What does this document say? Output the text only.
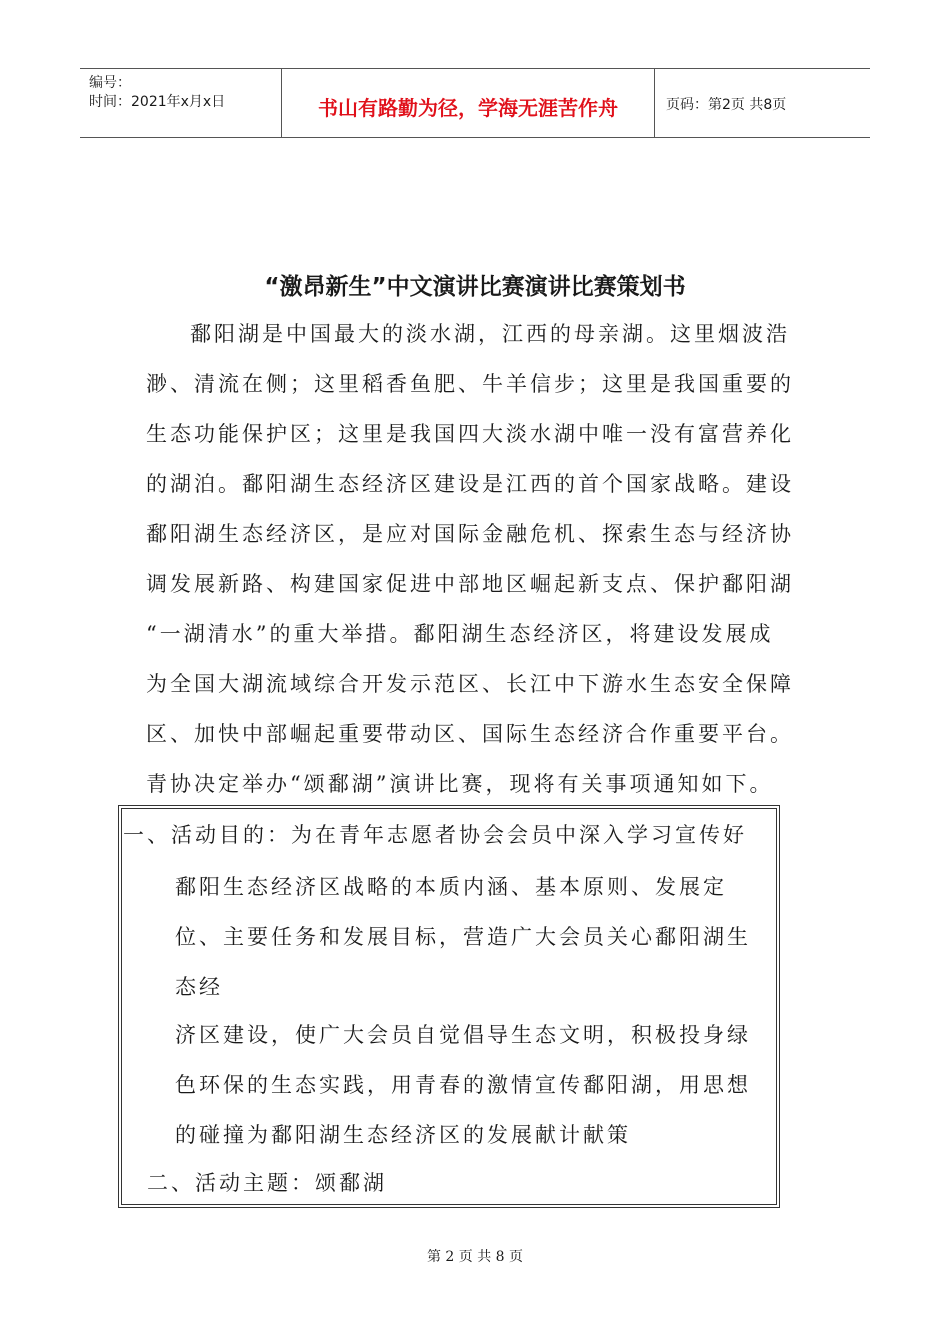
编号：
时间：2021年x月x日	书山有路勤为径，学海无涯苦作舟	页码：第2页 共8页
“激昂新生”中文演讲比赛演讲比赛策划书
鄱阳湖是中国最大的淡水湖，江西的母亲湖。这里烟波浩
渺、清流在侧；这里稻香鱼肥、牛羊信步；这里是我国重要的
生态功能保护区；这里是我国四大淡水湖中唯一没有富营养化
的湖泊。鄱阳湖生态经济区建设是江西的首个国家战略。建设
鄱阳湖生态经济区，是应对国际金融危机、探索生态与经济协
调发展新路、构建国家促进中部地区崛起新支点、保护鄱阳湖
“一湖清水”的重大举措。鄱阳湖生态经济区，将建设发展成
为全国大湖流域综合开发示范区、长江中下游水生态安全保障
区、加快中部崛起重要带动区、国际生态经济合作重要平台。
青协决定举办“颂鄱湖”演讲比赛，现将有关事项通知如下。
一、活动目的：为在青年志愿者协会会员中深入学习宣传好
鄱阳生态经济区战略的本质内涵、基本原则、发展定
位、主要任务和发展目标，营造广大会员关心鄱阳湖生
态经
济区建设，使广大会员自觉倡导生态文明，积极投身绿
色环保的生态实践，用青春的激情宣传鄱阳湖，用思想
的碰撞为鄱阳湖生态经济区的发展献计献策
二、活动主题：颂鄱湖
第 2 页 共 8 页
